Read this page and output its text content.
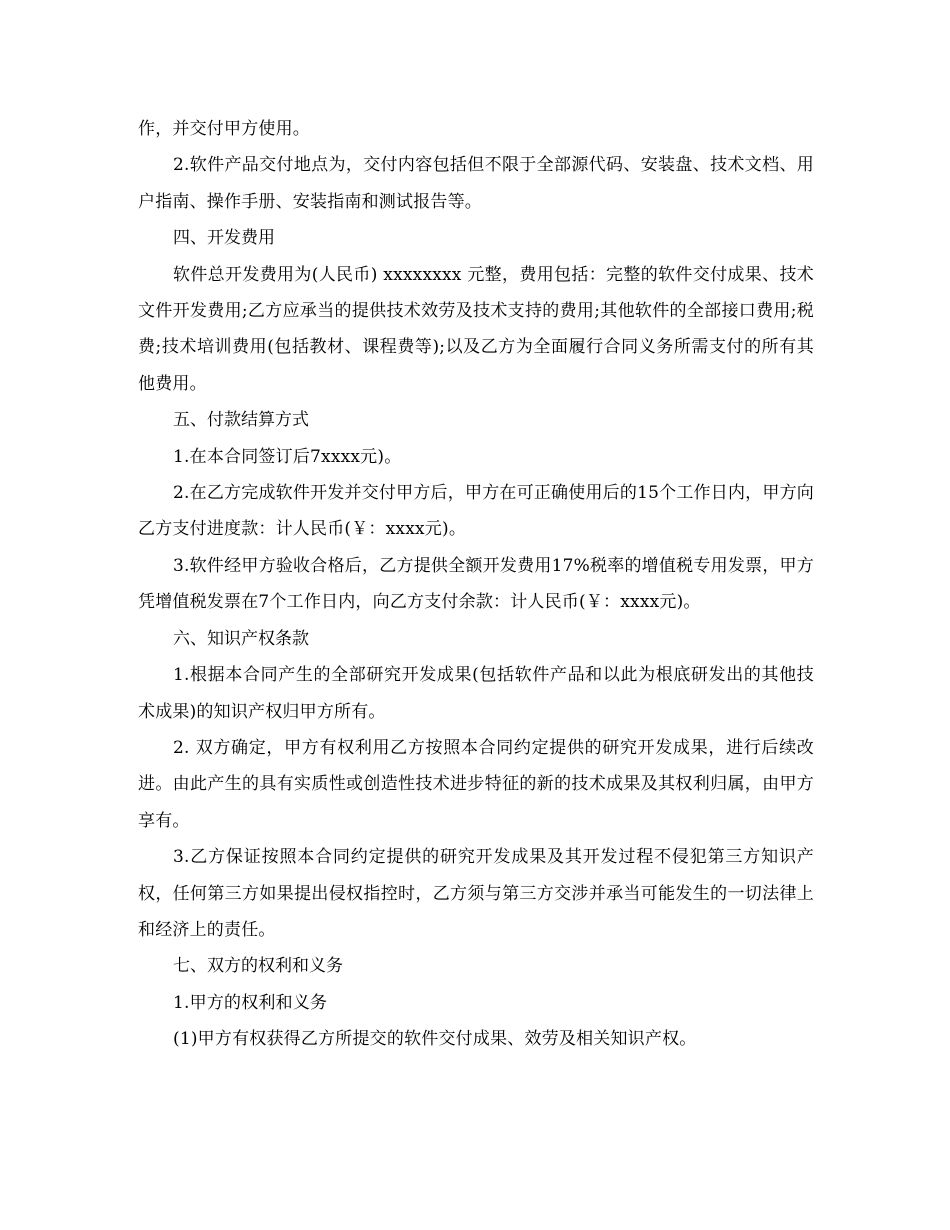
作，并交付甲方使用。

2.软件产品交付地点为，交付内容包括但不限于全部源代码、安装盘、技术文档、用户指南、操作手册、安装指南和测试报告等。

四、开发费用

软件总开发费用为(人民币) xxxxxxxx 元整，费用包括：完整的软件交付成果、技术文件开发费用;乙方应承当的提供技术效劳及技术支持的费用;其他软件的全部接口费用;税费;技术培训费用(包括教材、课程费等);以及乙方为全面履行合同义务所需支付的所有其他费用。

五、付款结算方式

1.在本合同签订后7xxxx元)。

2.在乙方完成软件开发并交付甲方后，甲方在可正确使用后的15个工作日内，甲方向乙方支付进度款：计人民币(￥：xxxx元)。

3.软件经甲方验收合格后，乙方提供全额开发费用17%税率的增值税专用发票，甲方凭增值税发票在7个工作日内，向乙方支付余款：计人民币(￥：xxxx元)。

六、知识产权条款

1.根据本合同产生的全部研究开发成果(包括软件产品和以此为根底研发出的其他技术成果)的知识产权归甲方所有。

2. 双方确定，甲方有权利用乙方按照本合同约定提供的研究开发成果，进行后续改进。由此产生的具有实质性或创造性技术进步特征的新的技术成果及其权利归属，由甲方享有。

3.乙方保证按照本合同约定提供的研究开发成果及其开发过程不侵犯第三方知识产权，任何第三方如果提出侵权指控时，乙方须与第三方交涉并承当可能发生的一切法律上和经济上的责任。

七、双方的权利和义务

1.甲方的权利和义务

(1)甲方有权获得乙方所提交的软件交付成果、效劳及相关知识产权。
